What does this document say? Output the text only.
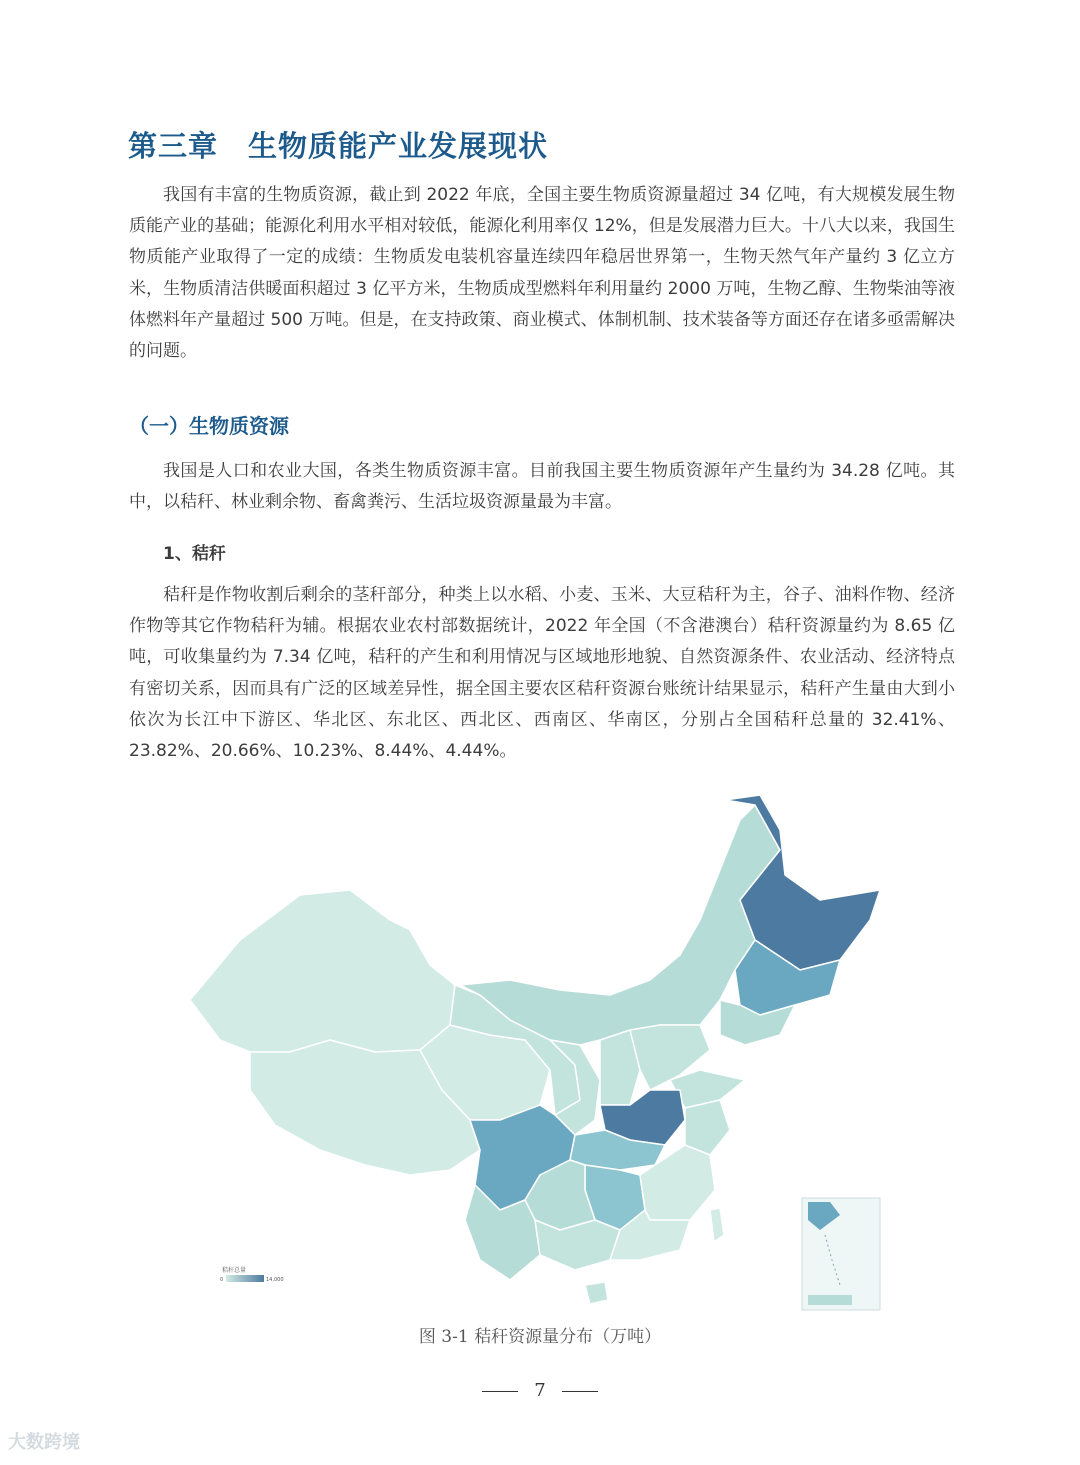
第三章 生物质能产业发展现状

我国有丰富的生物质资源，截止到 2022 年底，全国主要生物质资源量超过 34 亿吨，有大规模发展生物质能产业的基础；能源化利用水平相对较低，能源化利用率仅 12%，但是发展潜力巨大。十八大以来，我国生物质能产业取得了一定的成绩：生物质发电装机容量连续四年稳居世界第一，生物天然气年产量约 3 亿立方米，生物质清洁供暖面积超过 3 亿平方米，生物质成型燃料年利用量约 2000 万吨，生物乙醇、生物柴油等液体燃料年产量超过 500 万吨。但是，在支持政策、商业模式、体制机制、技术装备等方面还存在诸多亟需解决的问题。

（一）生物质资源

我国是人口和农业大国，各类生物质资源丰富。目前我国主要生物质资源年产生量约为 34.28 亿吨。其中，以秸秆、林业剩余物、畜禽粪污、生活垃圾资源量最为丰富。

1、秸秆

秸秆是作物收割后剩余的茎秆部分，种类上以水稻、小麦、玉米、大豆秸秆为主，谷子、油料作物、经济作物等其它作物秸秆为辅。根据农业农村部数据统计，2022 年全国（不含港澳台）秸秆资源量约为 8.65 亿吨，可收集量约为 7.34 亿吨，秸秆的产生和利用情况与区域地形地貌、自然资源条件、农业活动、经济特点有密切关系，因而具有广泛的区域差异性，据全国主要农区秸秆资源台账统计结果显示，秸秆产生量由大到小依次为长江中下游区、华北区、东北区、西北区、西南区、华南区，分别占全国秸秆总量的 32.41%、23.82%、20.66%、10.23%、8.44%、4.44%。

秸秆总量
0	14,000
图 3-1 秸秆资源量分布（万吨）
7
大数跨境
